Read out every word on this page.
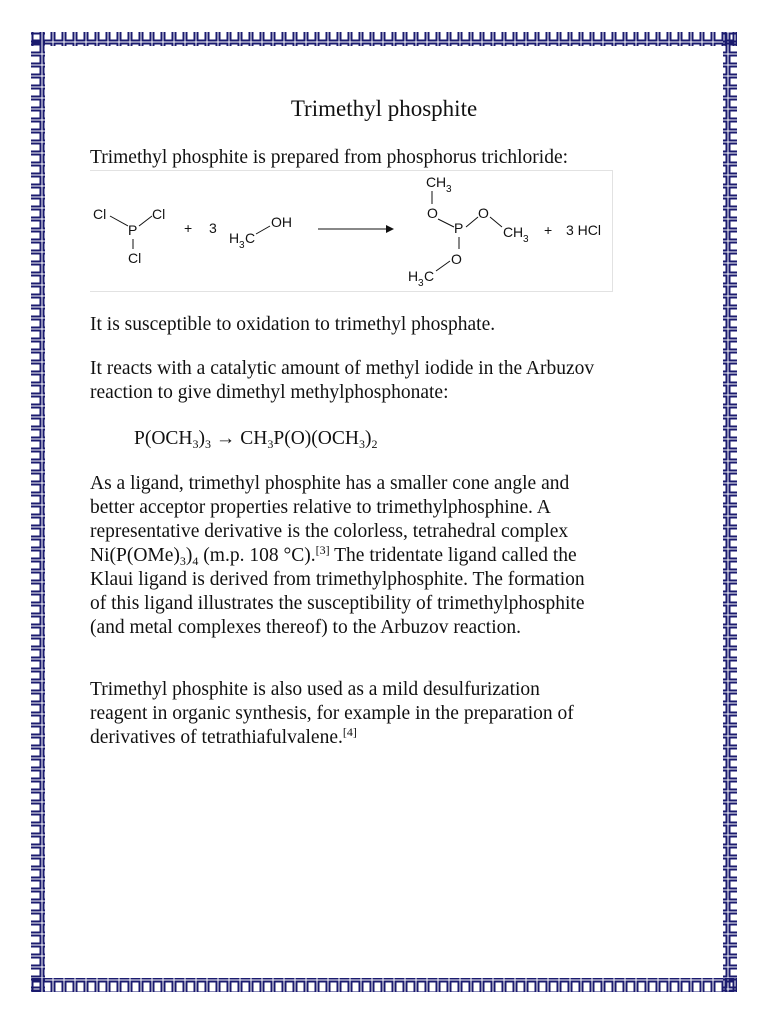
Trimethyl phosphite

Trimethyl phosphite is prepared from phosphorus trichloride:

Cl	Cl
P
Cl
+ 3
H 3 C
OH
C H 3
O
P
O
C H 3
O
H 3 C
+ 3 HCl

It is susceptible to oxidation to trimethyl phosphate.

It reacts with a catalytic amount of methyl iodide in the Arbuzov

reaction to give dimethyl methylphosphonate:

$P(OCH_3)_3 \to CH_3P(O)(OCH_3)_2$

As a ligand, trimethyl phosphite has a smaller cone angle and

better acceptor properties relative to trimethylphosphine. A

representative derivative is the colorless, tetrahedral complex

$Ni(P(OMe)_3)_4$ (m.p. 108 °C).[3] The tridentate ligand called the

Klaui ligand is derived from trimethylphosphite. The formation

of this ligand illustrates the susceptibility of trimethylphosphite

(and metal complexes thereof) to the Arbuzov reaction.

Trimethyl phosphite is also used as a mild desulfurization

reagent in organic synthesis, for example in the preparation of

derivatives of tetrathiafulvalene.[4]
